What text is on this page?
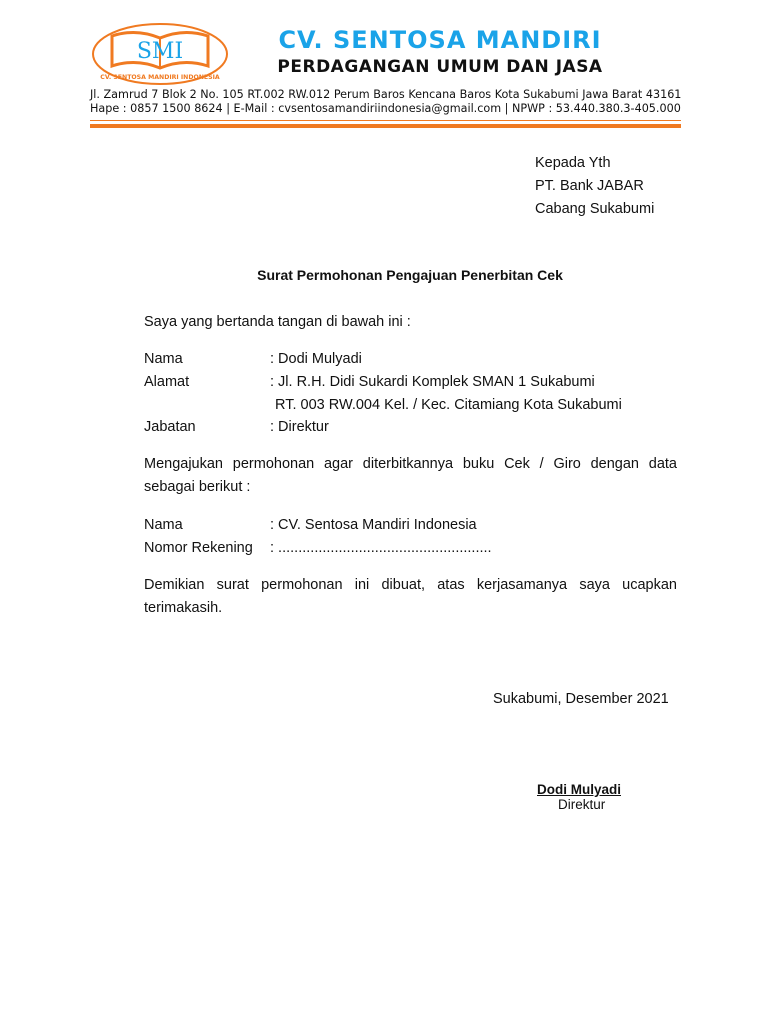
SMI
CV. SENTOSA MANDIRI INDONESIA
CV. SENTOSA MANDIRI
PERDAGANGAN UMUM DAN JASA
Jl. Zamrud 7 Blok 2 No. 105 RT.002 RW.012 Perum Baros Kencana Baros Kota Sukabumi Jawa Barat 43161
Hape : 0857 1500 8624 | E-Mail : cvsentosamandiriindonesia@gmail.com | NPWP : 53.440.380.3-405.000
Kepada Yth
PT. Bank JABAR
Cabang Sukabumi
Surat Permohonan Pengajuan Penerbitan Cek
Saya yang bertanda tangan di bawah ini :
Nama	: Dodi Mulyadi
Alamat	: Jl. R.H. Didi Sukardi Komplek SMAN 1 Sukabumi
RT. 003 RW.004 Kel. / Kec. Citamiang Kota Sukabumi
Jabatan	: Direktur
Mengajukan permohonan agar diterbitkannya buku Cek / Giro dengan data sebagai berikut :
Nama	: CV. Sentosa Mandiri Indonesia
Nomor Rekening : .....................................................
Demikian surat permohonan ini dibuat, atas kerjasamanya saya ucapkan terimakasih.
Sukabumi, Desember 2021
Dodi Mulyadi
Direktur
